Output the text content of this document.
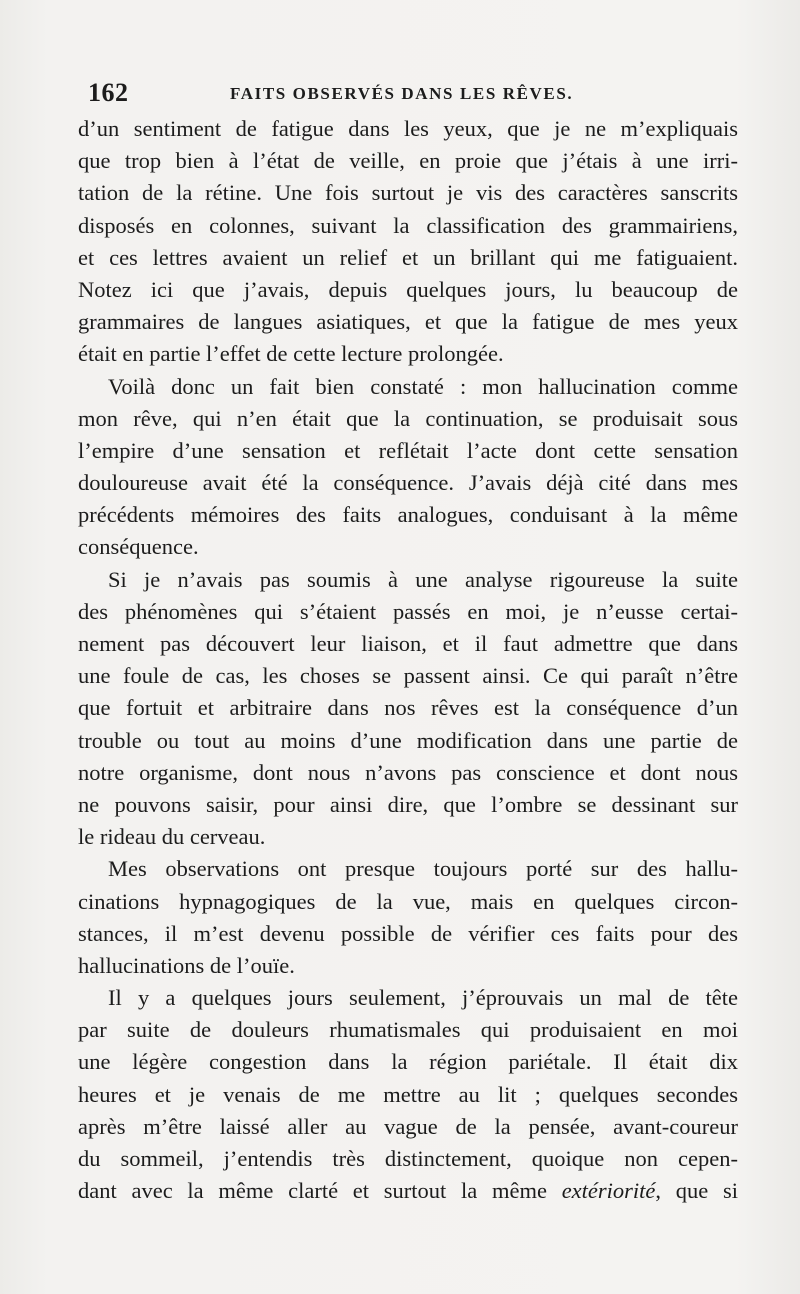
162	FAITS OBSERVÉS DANS LES RÊVES.
d’un sentiment de fatigue dans les yeux, que je ne m’expliquais
que trop bien à l’état de veille, en proie que j’étais à une irri-
tation de la rétine. Une fois surtout je vis des caractères sanscrits
disposés en colonnes, suivant la classification des grammairiens,
et ces lettres avaient un relief et un brillant qui me fatiguaient.
Notez ici que j’avais, depuis quelques jours, lu beaucoup de
grammaires de langues asiatiques, et que la fatigue de mes yeux
était en partie l’effet de cette lecture prolongée.
Voilà donc un fait bien constaté : mon hallucination comme
mon rêve, qui n’en était que la continuation, se produisait sous
l’empire d’une sensation et reflétait l’acte dont cette sensation
douloureuse avait été la conséquence. J’avais déjà cité dans mes
précédents mémoires des faits analogues, conduisant à la même
conséquence.
Si je n’avais pas soumis à une analyse rigoureuse la suite
des phénomènes qui s’étaient passés en moi, je n’eusse certai-
nement pas découvert leur liaison, et il faut admettre que dans
une foule de cas, les choses se passent ainsi. Ce qui paraît n’être
que fortuit et arbitraire dans nos rêves est la conséquence d’un
trouble ou tout au moins d’une modification dans une partie de
notre organisme, dont nous n’avons pas conscience et dont nous
ne pouvons saisir, pour ainsi dire, que l’ombre se dessinant sur
le rideau du cerveau.
Mes observations ont presque toujours porté sur des hallu-
cinations hypnagogiques de la vue, mais en quelques circon-
stances, il m’est devenu possible de vérifier ces faits pour des
hallucinations de l’ouïe.
Il y a quelques jours seulement, j’éprouvais un mal de tête
par suite de douleurs rhumatismales qui produisaient en moi
une légère congestion dans la région pariétale. Il était dix
heures et je venais de me mettre au lit ; quelques secondes
après m’être laissé aller au vague de la pensée, avant-coureur
du sommeil, j’entendis très distinctement, quoique non cepen-
dant avec la même clarté et surtout la même extériorité, que si
